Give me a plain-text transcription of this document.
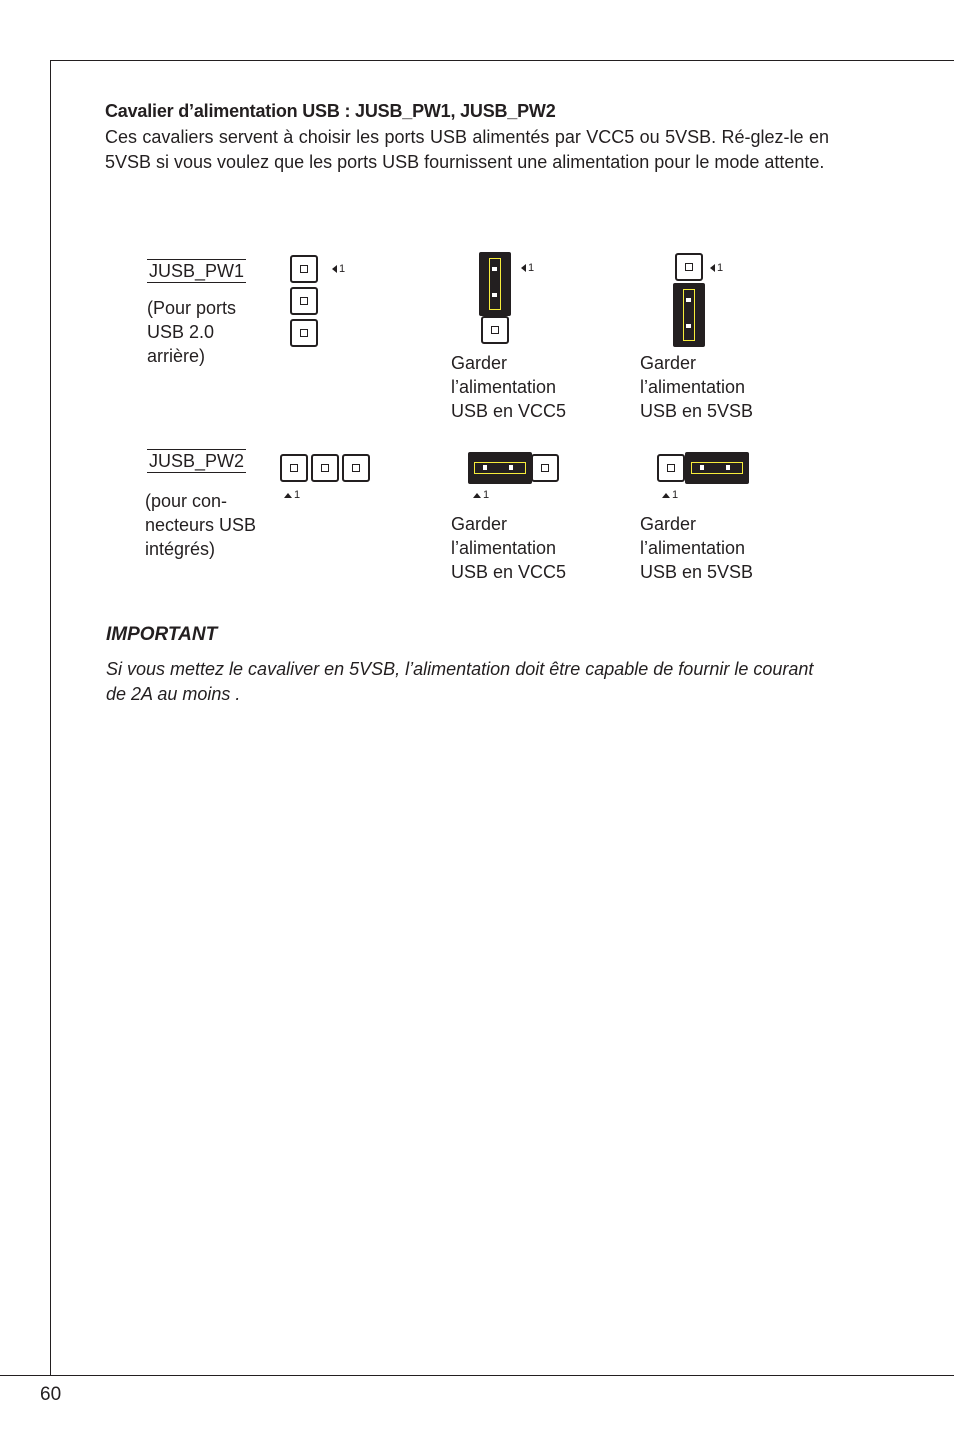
Cavalier d’alimentation USB : JUSB_PW1, JUSB_PW2

Ces cavaliers servent à choisir les ports USB alimentés par VCC5 ou 5VSB. Ré-glez-le en 5VSB si vous voulez que les ports USB fournissent une alimentation pour le mode attente.

JUSB_PW1
(Pour ports
USB 2.0
arrière)
1	1
Garder
l’alimentation
USB en VCC5
1
Garder
l’alimentation
USB en 5VSB
JUSB_PW2
(pour con-
necteurs USB
intégrés)
1	1
Garder
l’alimentation
USB en VCC5
1
Garder
l’alimentation
USB en 5VSB
IMPORTANT

Si vous mettez le cavaliver en 5VSB, l’alimentation doit être capable de fournir le courant de 2A au moins .

60
